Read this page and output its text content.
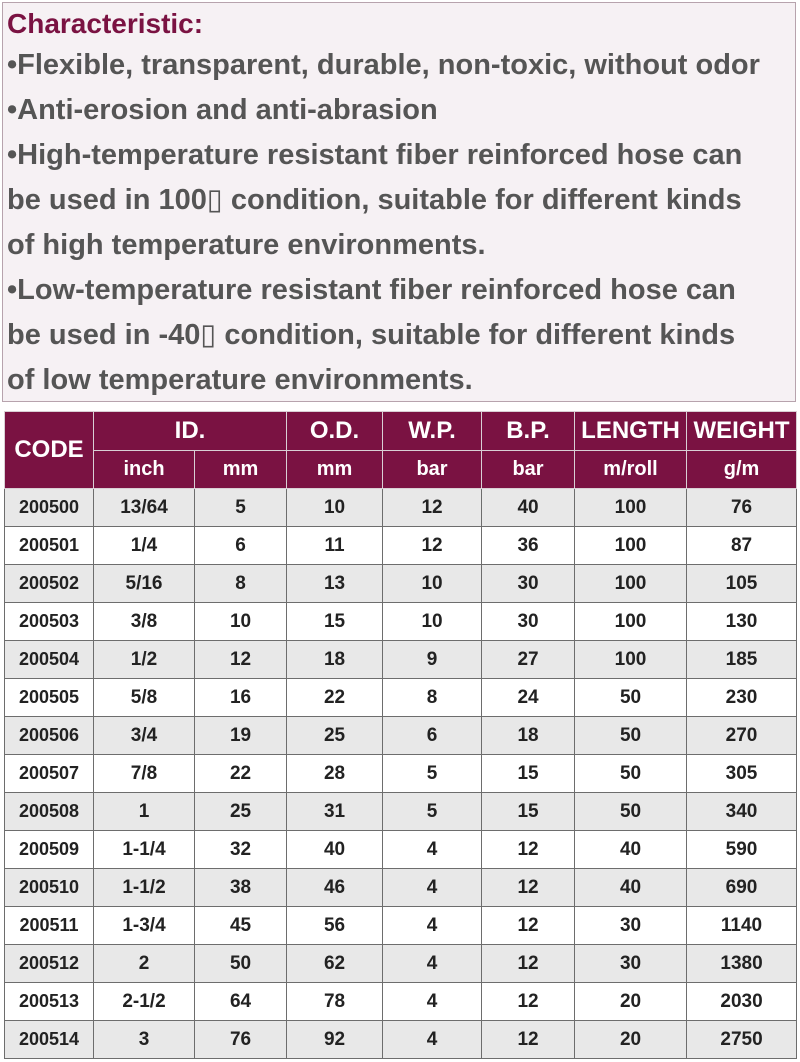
Characteristic:

•Flexible, transparent, durable, non-toxic, without odor

•Anti-erosion and anti-abrasion

•High-temperature resistant fiber reinforced hose can

be used in 100▯ condition, suitable for different kinds

of high temperature environments.

•Low-temperature resistant fiber reinforced hose can

be used in -40▯ condition, suitable for different kinds

of low temperature environments.

CODE	ID.		O.D.	W.P.	B.P.	LENGTH	WEIGHT
	inch	mm	mm	bar	bar	m/roll	g/m
200500	13/64	5	10	12	40	100	76
200501	1/4	6	11	12	36	100	87
200502	5/16	8	13	10	30	100	105
200503	3/8	10	15	10	30	100	130
200504	1/2	12	18	9	27	100	185
200505	5/8	16	22	8	24	50	230
200506	3/4	19	25	6	18	50	270
200507	7/8	22	28	5	15	50	305
200508	1	25	31	5	15	50	340
200509	1-1/4	32	40	4	12	40	590
200510	1-1/2	38	46	4	12	40	690
200511	1-3/4	45	56	4	12	30	1140
200512	2	50	62	4	12	30	1380
200513	2-1/2	64	78	4	12	20	2030
200514	3	76	92	4	12	20	2750
